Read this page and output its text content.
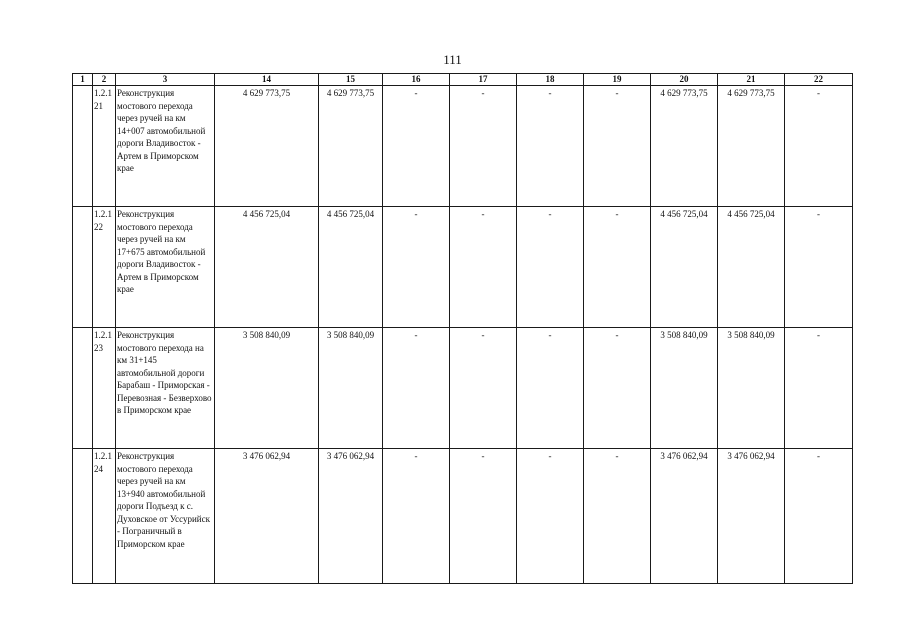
111
1	2	3	14	15	16	17	18	19	20	21	22
	1.2.1 21	Реконструкция мостового перехода через ручей на км 14+007 автомобильной дороги Владивосток - Артем в Приморском крае	4 629 773,75	4 629 773,75	-	-	-	-	4 629 773,75	4 629 773,75	-
	1.2.1 22	Реконструкция мостового перехода через ручей на км 17+675 автомобильной дороги Владивосток - Артем в Приморском крае	4 456 725,04	4 456 725,04	-	-	-	-	4 456 725,04	4 456 725,04	-
	1.2.1 23	Реконструкция мостового перехода на км 31+145 автомобильной дороги Барабаш - Приморская - Перевозная - Безверхово в Приморском крае	3 508 840,09	3 508 840,09	-	-	-	-	3 508 840,09	3 508 840,09	-
	1.2.1 24	Реконструкция мостового перехода через ручей на км 13+940 автомобильной дороги Подъезд к с. Духовское от Уссурийск - Пограничный в Приморском крае	3 476 062,94	3 476 062,94	-	-	-	-	3 476 062,94	3 476 062,94	-
